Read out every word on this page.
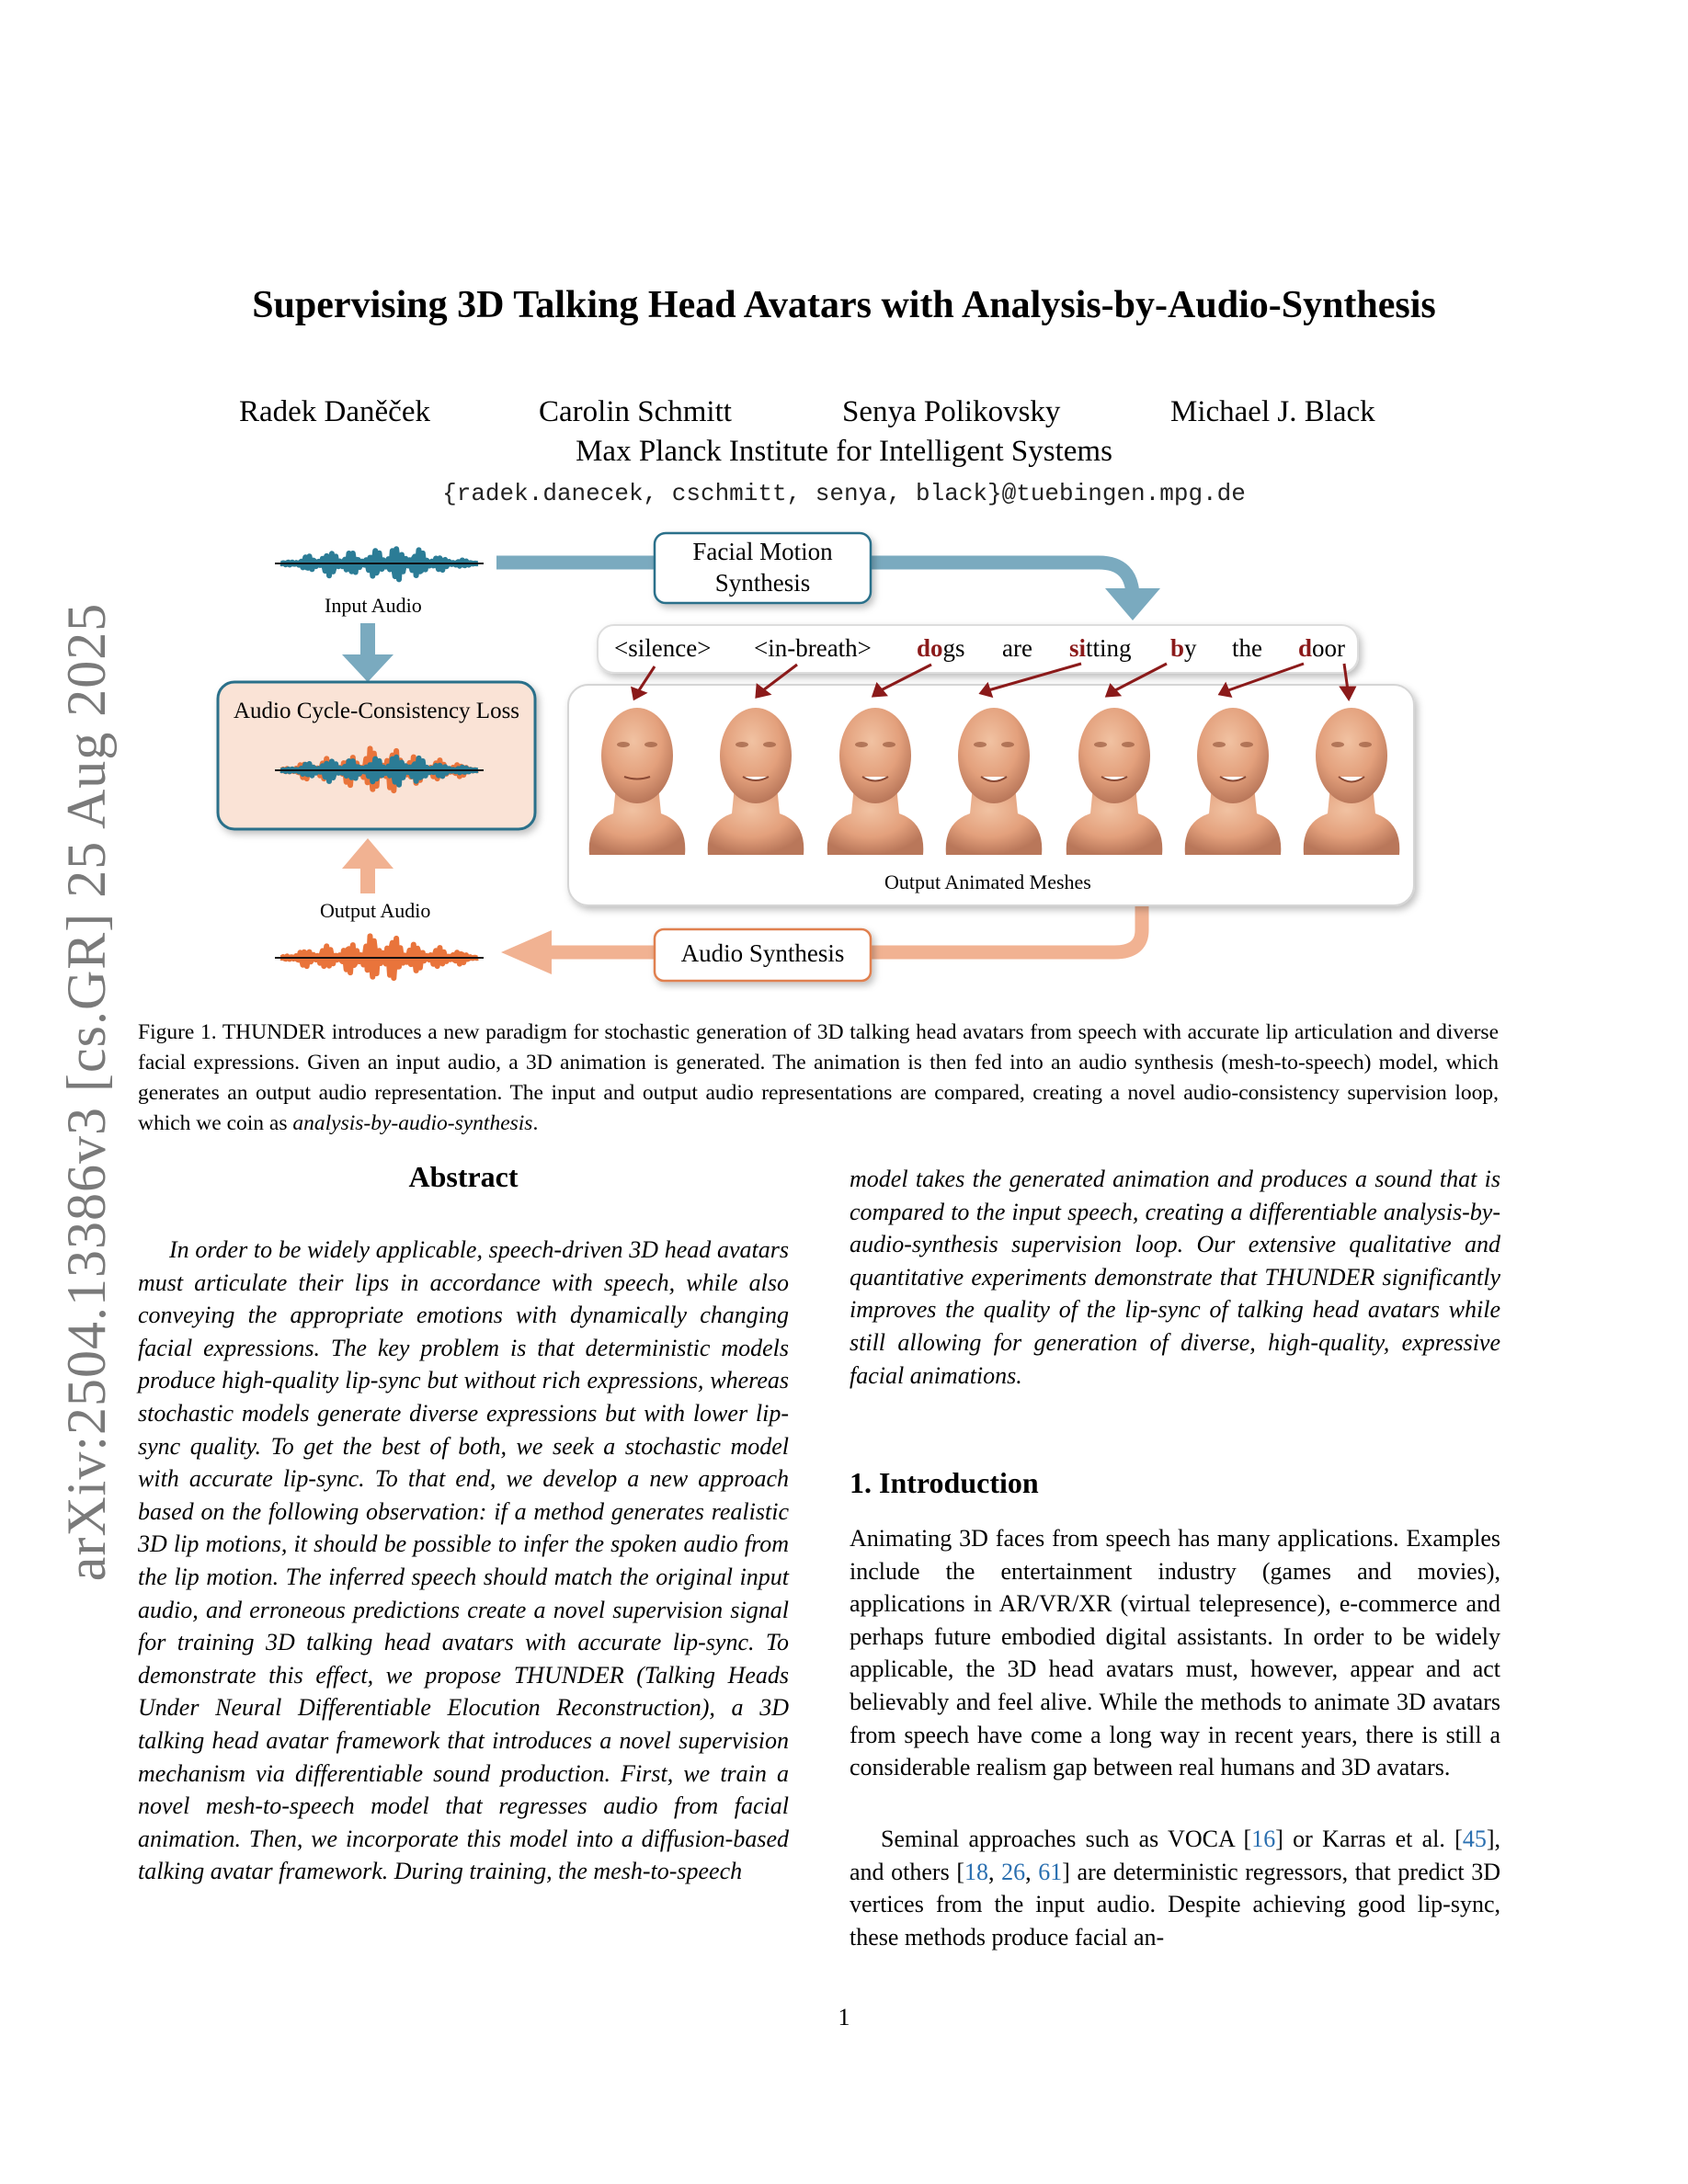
arXiv:2504.13386v3 [cs.GR] 25 Aug 2025
Supervising 3D Talking Head Avatars with Analysis-by-Audio-Synthesis
Radek Daněček	Carolin Schmitt	Senya Polikovsky	Michael J. Black
Max Planck Institute for Intelligent Systems
{radek.danecek, cschmitt, senya, black}@tuebingen.mpg.de
Input Audio
Output Audio
Facial Motion
Synthesis
Audio Cycle-Consistency Loss
Audio Synthesis
Output Animated Meshes
<silence> <in-breath> dogs are sitting by the door
Figure 1. THUNDER introduces a new paradigm for stochastic generation of 3D talking head avatars from speech with accurate lip articulation and diverse facial expressions. Given an input audio, a 3D animation is generated. The animation is then fed into an audio synthesis (mesh-to-speech) model, which generates an output audio representation. The input and output audio representations are compared, creating a novel audio-consistency supervision loop, which we coin as analysis-by-audio-synthesis.
Abstract
In order to be widely applicable, speech-driven 3D head avatars must articulate their lips in accordance with speech, while also conveying the appropriate emotions with dynamically changing facial expressions. The key problem is that deterministic models produce high-quality lip-sync but without rich expressions, whereas stochastic models generate diverse expressions but with lower lip-sync quality. To get the best of both, we seek a stochastic model with accurate lip-sync. To that end, we develop a new approach based on the following observation: if a method generates realistic 3D lip motions, it should be possible to infer the spoken audio from the lip motion. The inferred speech should match the original input audio, and erroneous predictions create a novel supervision signal for training 3D talking head avatars with accurate lip-sync. To demonstrate this effect, we propose THUNDER (Talking Heads Under Neural Differentiable Elocution Reconstruction), a 3D talking head avatar framework that introduces a novel supervision mechanism via differentiable sound production. First, we train a novel mesh-to-speech model that regresses audio from facial animation. Then, we incorporate this model into a diffusion-based talking avatar framework. During training, the mesh-to-speech
model takes the generated animation and produces a sound that is compared to the input speech, creating a differentiable analysis-by-audio-synthesis supervision loop. Our extensive qualitative and quantitative experiments demonstrate that THUNDER significantly improves the quality of the lip-sync of talking head avatars while still allowing for generation of diverse, high-quality, expressive facial animations.
1. Introduction
Animating 3D faces from speech has many applications. Examples include the entertainment industry (games and movies), applications in AR/VR/XR (virtual telepresence), e-commerce and perhaps future embodied digital assistants. In order to be widely applicable, the 3D head avatars must, however, appear and act believably and feel alive. While the methods to animate 3D avatars from speech have come a long way in recent years, there is still a considerable realism gap between real humans and 3D avatars.
Seminal approaches such as VOCA [16] or Karras et al. [45], and others [18, 26, 61] are deterministic regressors, that predict 3D vertices from the input audio. Despite achieving good lip-sync, these methods produce facial an-
1
